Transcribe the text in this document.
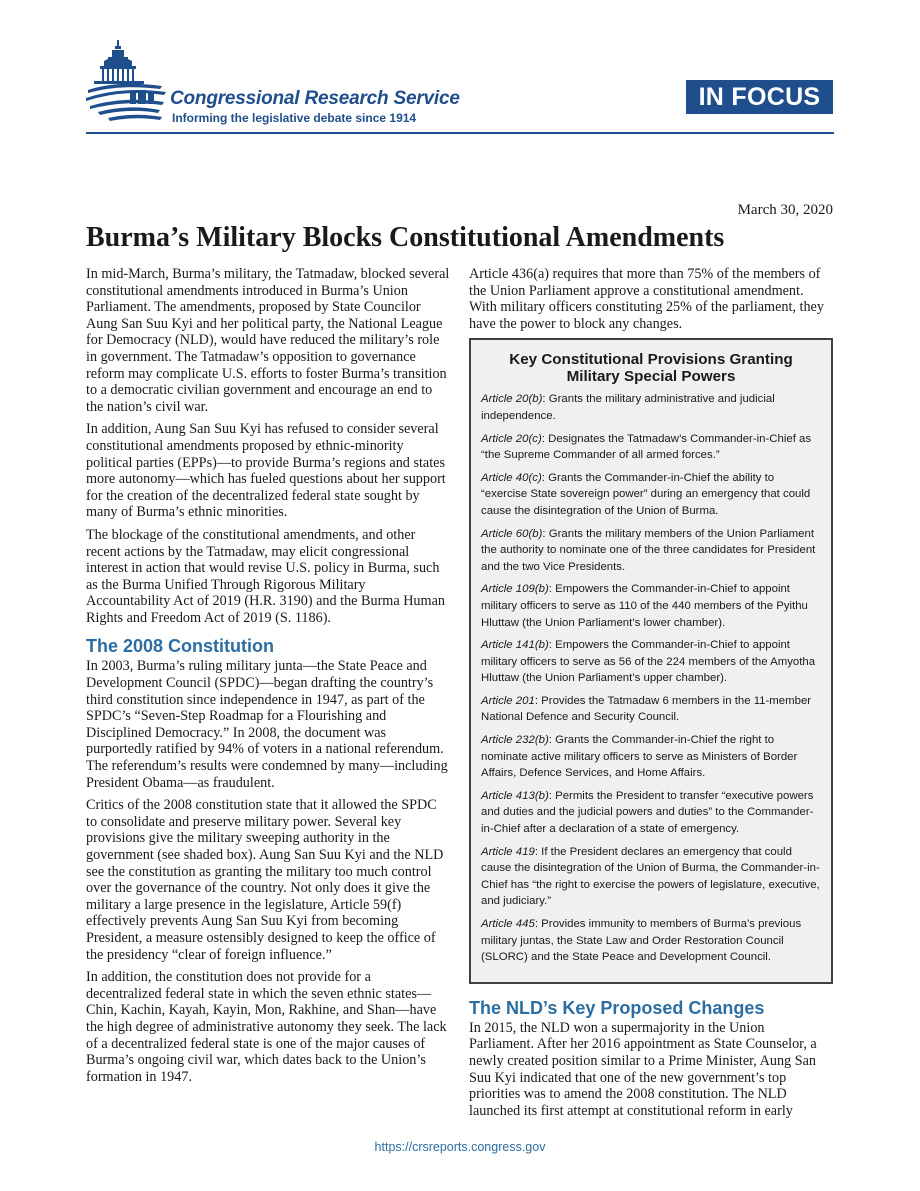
Congressional Research Service
Informing the legislative debate since 1914
IN FOCUS
March 30, 2020
Burma’s Military Blocks Constitutional Amendments

In mid-March, Burma’s military, the Tatmadaw, blocked several constitutional amendments introduced in Burma’s Union Parliament. The amendments, proposed by State Councilor Aung San Suu Kyi and her political party, the National League for Democracy (NLD), would have reduced the military’s role in government. The Tatmadaw’s opposition to governance reform may complicate U.S. efforts to foster Burma’s transition to a democratic civilian government and encourage an end to the nation’s civil war.

In addition, Aung San Suu Kyi has refused to consider several constitutional amendments proposed by ethnic-minority political parties (EPPs)—to provide Burma’s regions and states more autonomy—which has fueled questions about her support for the creation of the decentralized federal state sought by many of Burma’s ethnic minorities.

The blockage of the constitutional amendments, and other recent actions by the Tatmadaw, may elicit congressional interest in action that would revise U.S. policy in Burma, such as the Burma Unified Through Rigorous Military Accountability Act of 2019 (H.R. 3190) and the Burma Human Rights and Freedom Act of 2019 (S. 1186).

The 2008 Constitution

In 2003, Burma’s ruling military junta—the State Peace and Development Council (SPDC)—began drafting the country’s third constitution since independence in 1947, as part of the SPDC’s “Seven-Step Roadmap for a Flourishing and Disciplined Democracy.” In 2008, the document was purportedly ratified by 94% of voters in a national referendum. The referendum’s results were condemned by many—including President Obama—as fraudulent.

Critics of the 2008 constitution state that it allowed the SPDC to consolidate and preserve military power. Several key provisions give the military sweeping authority in the government (see shaded box). Aung San Suu Kyi and the NLD see the constitution as granting the military too much control over the governance of the country. Not only does it give the military a large presence in the legislature, Article 59(f) effectively prevents Aung San Suu Kyi from becoming President, a measure ostensibly designed to keep the office of the presidency “clear of foreign influence.”

In addition, the constitution does not provide for a decentralized federal state in which the seven ethnic states—Chin, Kachin, Kayah, Kayin, Mon, Rakhine, and Shan—have the high degree of administrative autonomy they seek. The lack of a decentralized federal state is one of the major causes of Burma’s ongoing civil war, which dates back to the Union’s formation in 1947.

Article 436(a) requires that more than 75% of the members of the Union Parliament approve a constitutional amendment. With military officers constituting 25% of the parliament, they have the power to block any changes.

Key Constitutional Provisions Granting Military Special Powers

Article 20(b): Grants the military administrative and judicial independence.

Article 20(c): Designates the Tatmadaw’s Commander-in-Chief as “the Supreme Commander of all armed forces.”

Article 40(c): Grants the Commander-in-Chief the ability to “exercise State sovereign power” during an emergency that could cause the disintegration of the Union of Burma.

Article 60(b): Grants the military members of the Union Parliament the authority to nominate one of the three candidates for President and the two Vice Presidents.

Article 109(b): Empowers the Commander-in-Chief to appoint military officers to serve as 110 of the 440 members of the Pyithu Hluttaw (the Union Parliament’s lower chamber).

Article 141(b): Empowers the Commander-in-Chief to appoint military officers to serve as 56 of the 224 members of the Amyotha Hluttaw (the Union Parliament’s upper chamber).

Article 201: Provides the Tatmadaw 6 members in the 11-member National Defence and Security Council.

Article 232(b): Grants the Commander-in-Chief the right to nominate active military officers to serve as Ministers of Border Affairs, Defence Services, and Home Affairs.

Article 413(b): Permits the President to transfer “executive powers and duties and the judicial powers and duties” to the Commander-in-Chief after a declaration of a state of emergency.

Article 419: If the President declares an emergency that could cause the disintegration of the Union of Burma, the Commander-in-Chief has “the right to exercise the powers of legislature, executive, and judiciary.”

Article 445: Provides immunity to members of Burma’s previous military juntas, the State Law and Order Restoration Council (SLORC) and the State Peace and Development Council.

The NLD’s Key Proposed Changes

In 2015, the NLD won a supermajority in the Union Parliament. After her 2016 appointment as State Counselor, a newly created position similar to a Prime Minister, Aung San Suu Kyi indicated that one of the new government’s top priorities was to amend the 2008 constitution. The NLD launched its first attempt at constitutional reform in early

https://crsreports.congress.gov
